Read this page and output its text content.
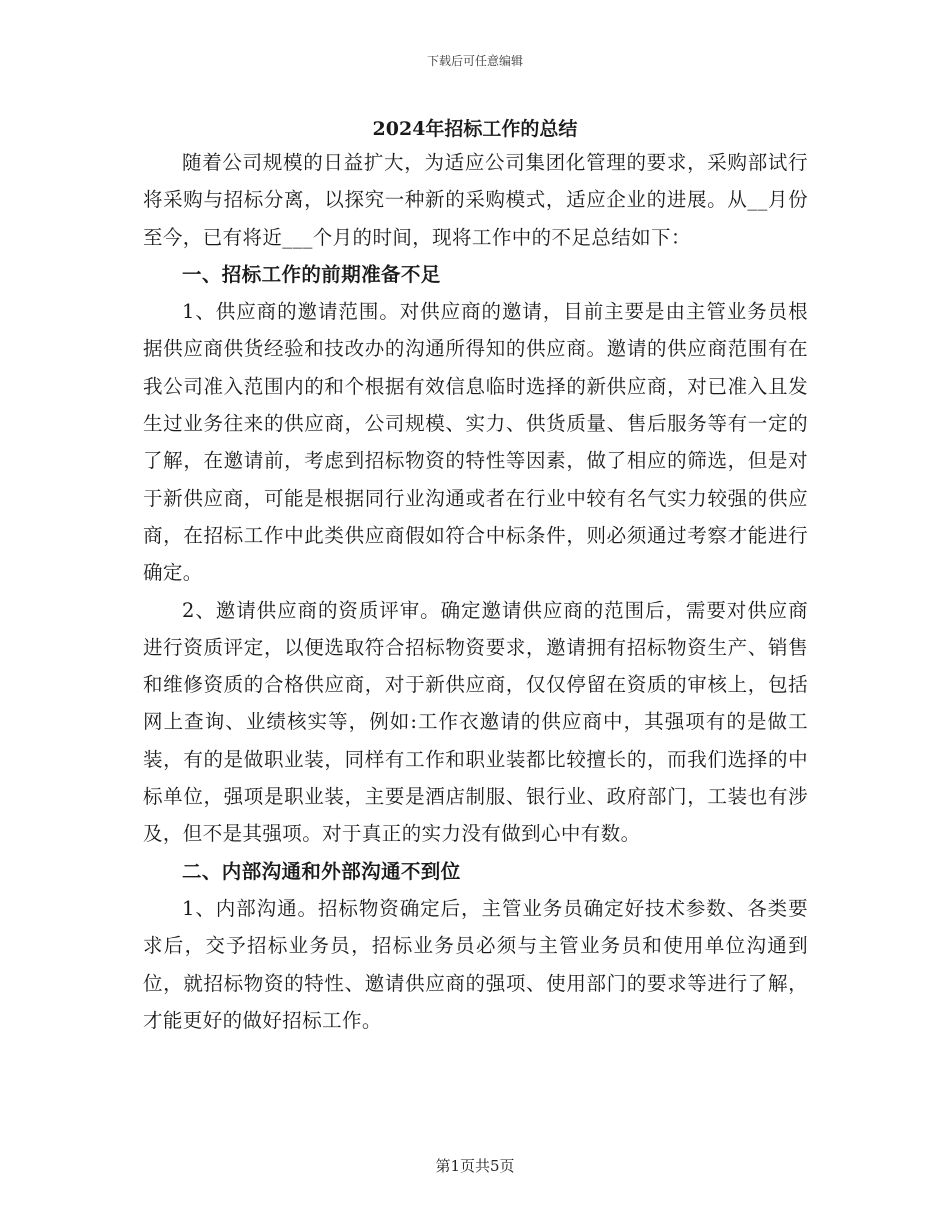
下载后可任意编辑
2024年招标工作的总结

随着公司规模的日益扩大，为适应公司集团化管理的要求，采购部试行将采购与招标分离，以探究一种新的采购模式，适应企业的进展。从__月份至今，已有将近___个月的时间，现将工作中的不足总结如下：

一、招标工作的前期准备不足

1、供应商的邀请范围。对供应商的邀请，目前主要是由主管业务员根据供应商供货经验和技改办的沟通所得知的供应商。邀请的供应商范围有在我公司准入范围内的和个根据有效信息临时选择的新供应商，对已准入且发生过业务往来的供应商，公司规模、实力、供货质量、售后服务等有一定的了解，在邀请前，考虑到招标物资的特性等因素，做了相应的筛选，但是对于新供应商，可能是根据同行业沟通或者在行业中较有名气实力较强的供应商，在招标工作中此类供应商假如符合中标条件，则必须通过考察才能进行确定。

2、邀请供应商的资质评审。确定邀请供应商的范围后，需要对供应商进行资质评定，以便选取符合招标物资要求，邀请拥有招标物资生产、销售和维修资质的合格供应商，对于新供应商，仅仅停留在资质的审核上，包括网上查询、业绩核实等，例如:工作衣邀请的供应商中，其强项有的是做工装，有的是做职业装，同样有工作和职业装都比较擅长的，而我们选择的中标单位，强项是职业装，主要是酒店制服、银行业、政府部门，工装也有涉及，但不是其强项。对于真正的实力没有做到心中有数。

二、内部沟通和外部沟通不到位

1、内部沟通。招标物资确定后，主管业务员确定好技术参数、各类要求后，交予招标业务员，招标业务员必须与主管业务员和使用单位沟通到位，就招标物资的特性、邀请供应商的强项、使用部门的要求等进行了解，才能更好的做好招标工作。

第1页共5页
